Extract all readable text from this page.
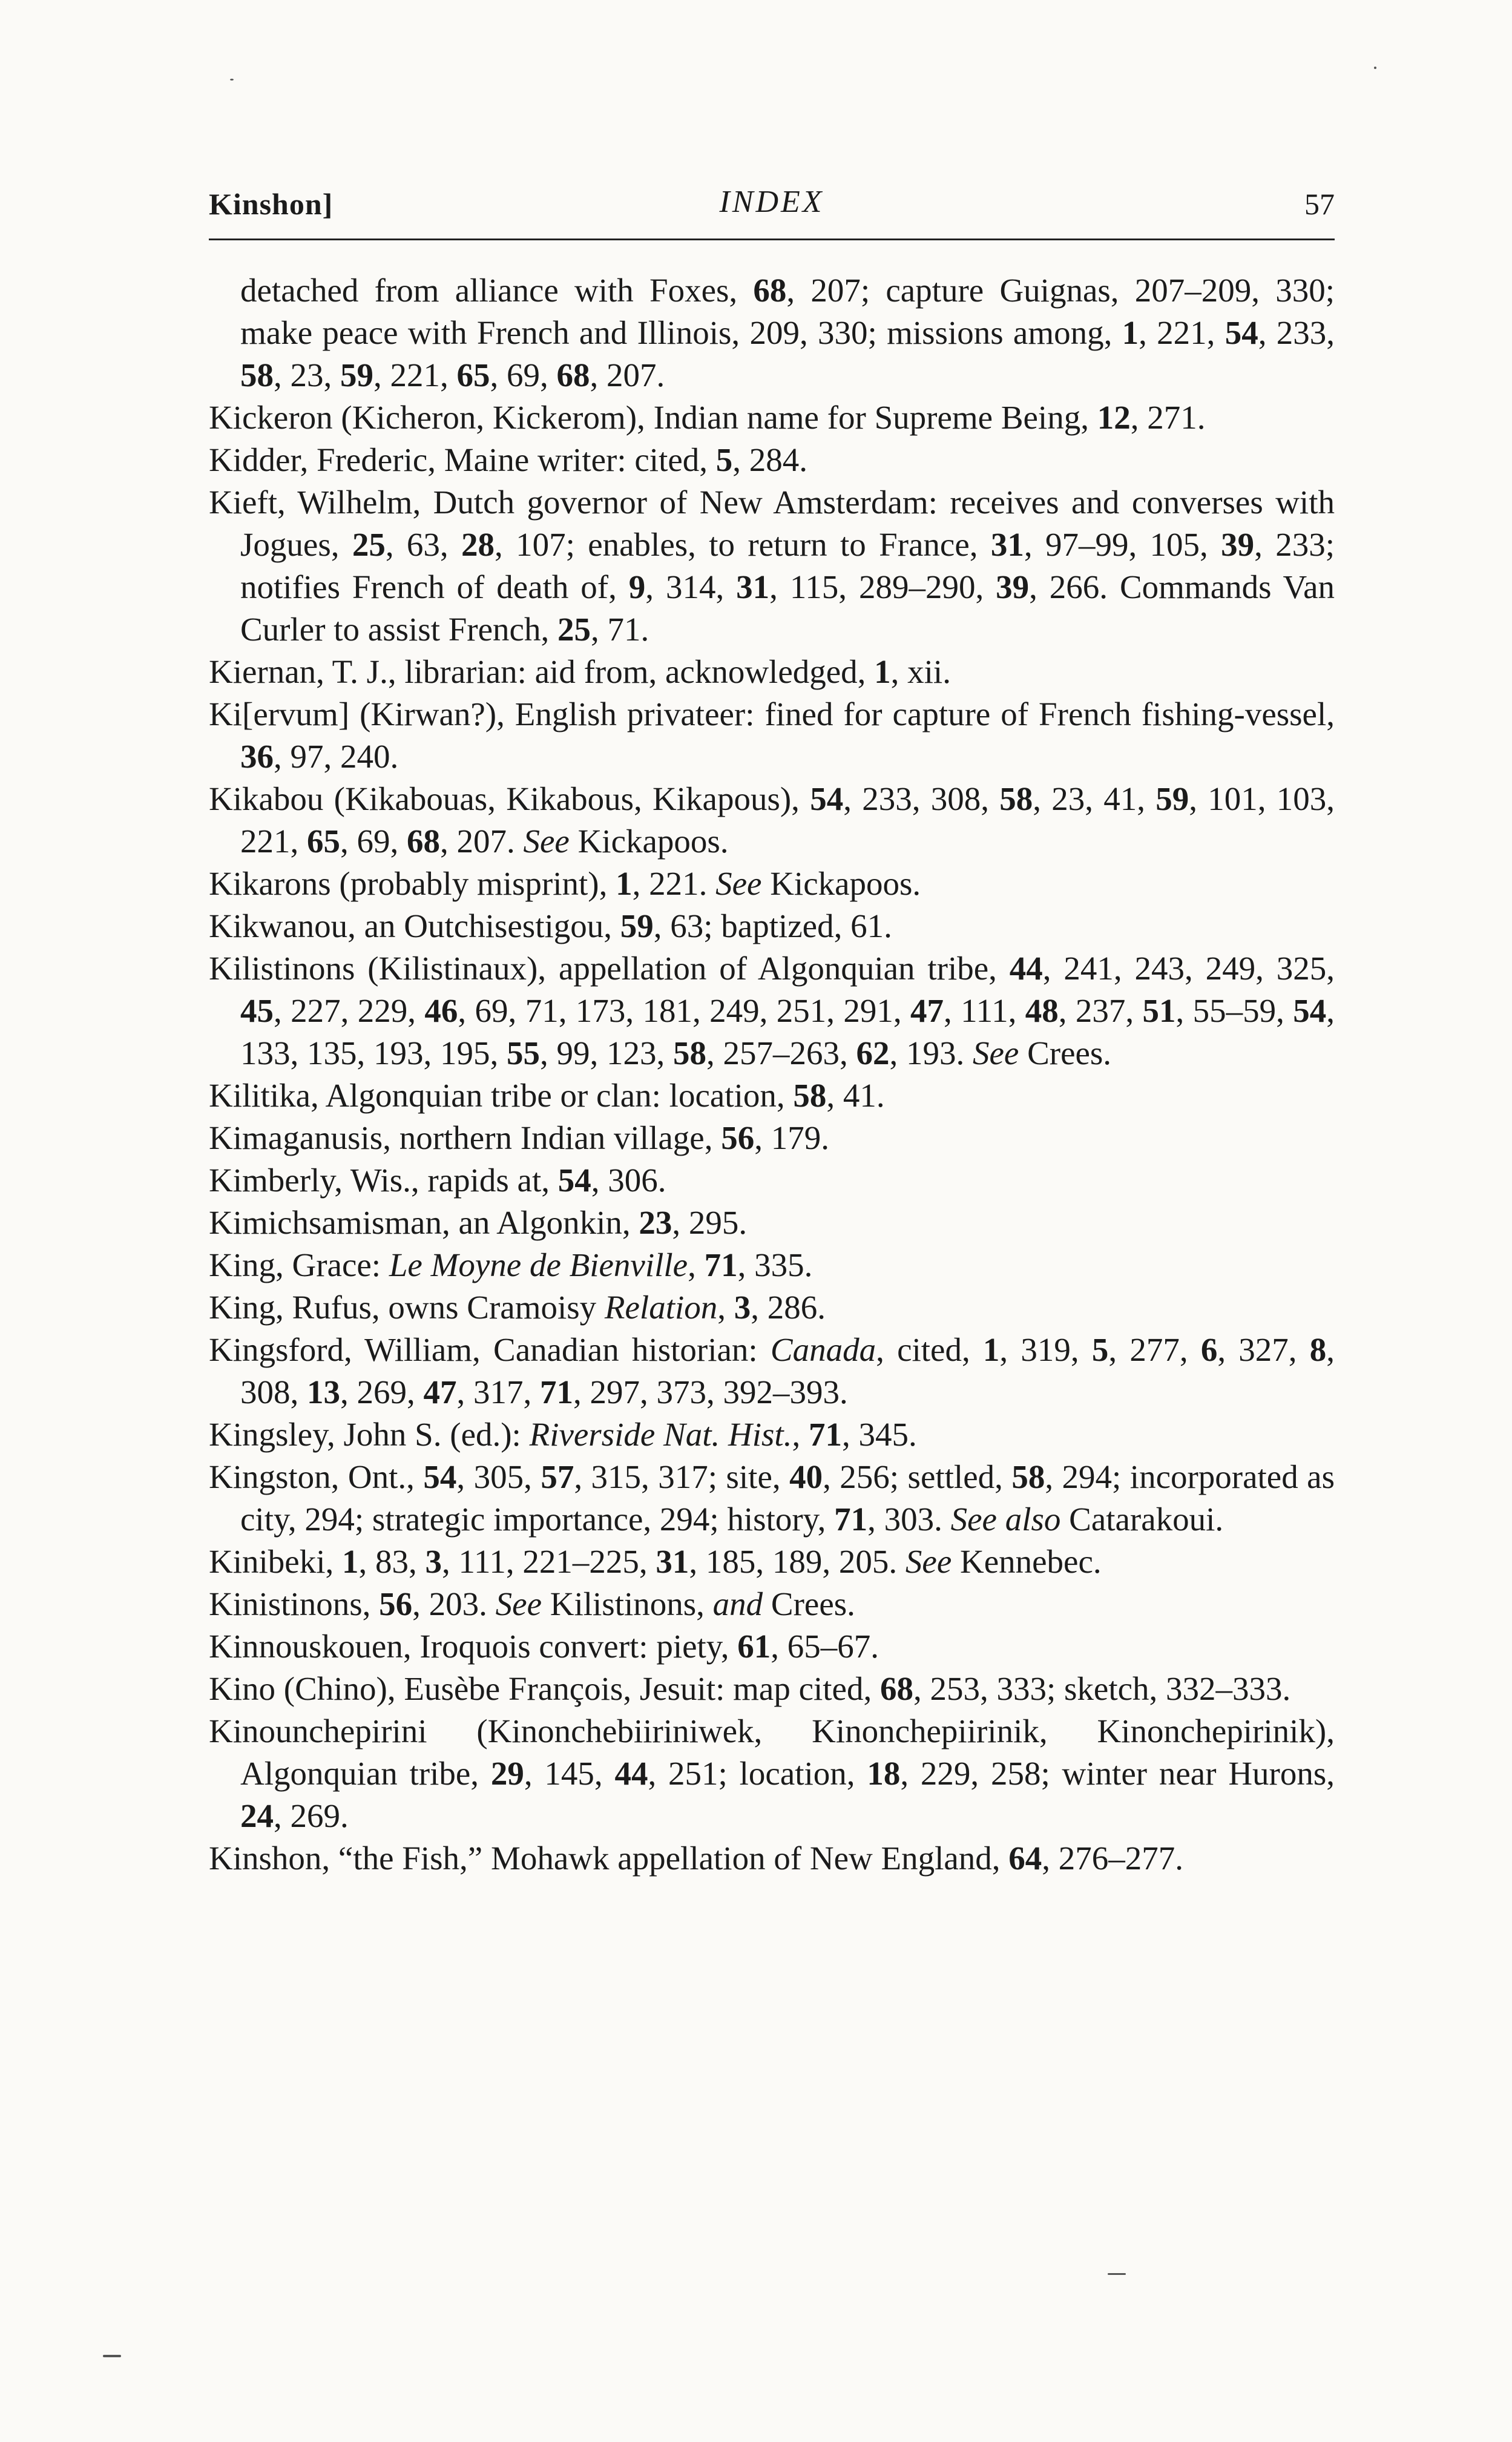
Kinshon]	INDEX	57

detached from alliance with Foxes, 68, 207; capture Guignas, 207–209, 330; make peace with French and Illinois, 209, 330; missions among, 1, 221, 54, 233, 58, 23, 59, 221, 65, 69, 68, 207.

Kickeron (Kicheron, Kickerom), Indian name for Supreme Being, 12, 271.

Kidder, Frederic, Maine writer: cited, 5, 284.

Kieft, Wilhelm, Dutch governor of New Amsterdam: receives and converses with Jogues, 25, 63, 28, 107; enables, to return to France, 31, 97–99, 105, 39, 233; notifies French of death of, 9, 314, 31, 115, 289–290, 39, 266. Commands Van Curler to assist French, 25, 71.

Kiernan, T. J., librarian: aid from, acknowledged, 1, xii.

Ki[ervum] (Kirwan?), English privateer: fined for capture of French fishing-vessel, 36, 97, 240.

Kikabou (Kikabouas, Kikabous, Kikapous), 54, 233, 308, 58, 23, 41, 59, 101, 103, 221, 65, 69, 68, 207. See Kickapoos.

Kikarons (probably misprint), 1, 221. See Kickapoos.

Kikwanou, an Outchisestigou, 59, 63; baptized, 61.

Kilistinons (Kilistinaux), appellation of Algonquian tribe, 44, 241, 243, 249, 325, 45, 227, 229, 46, 69, 71, 173, 181, 249, 251, 291, 47, 111, 48, 237, 51, 55–59, 54, 133, 135, 193, 195, 55, 99, 123, 58, 257–263, 62, 193. See Crees.

Kilitika, Algonquian tribe or clan: location, 58, 41.

Kimaganusis, northern Indian village, 56, 179.

Kimberly, Wis., rapids at, 54, 306.

Kimichsamisman, an Algonkin, 23, 295.

King, Grace: Le Moyne de Bienville, 71, 335.

King, Rufus, owns Cramoisy Relation, 3, 286.

Kingsford, William, Canadian historian: Canada, cited, 1, 319, 5, 277, 6, 327, 8, 308, 13, 269, 47, 317, 71, 297, 373, 392–393.

Kingsley, John S. (ed.): Riverside Nat. Hist., 71, 345.

Kingston, Ont., 54, 305, 57, 315, 317; site, 40, 256; settled, 58, 294; incorporated as city, 294; strategic importance, 294; history, 71, 303. See also Catarakoui.

Kinibeki, 1, 83, 3, 111, 221–225, 31, 185, 189, 205. See Kennebec.

Kinistinons, 56, 203. See Kilistinons, and Crees.

Kinnouskouen, Iroquois convert: piety, 61, 65–67.

Kino (Chino), Eusèbe François, Jesuit: map cited, 68, 253, 333; sketch, 332–333.

Kinounchepirini (Kinonchebiiriniwek, Kinonchepiirinik, Kinonchepirinik), Algonquian tribe, 29, 145, 44, 251; location, 18, 229, 258; winter near Hurons, 24, 269.

Kinshon, “the Fish,” Mohawk appellation of New England, 64, 276–277.
